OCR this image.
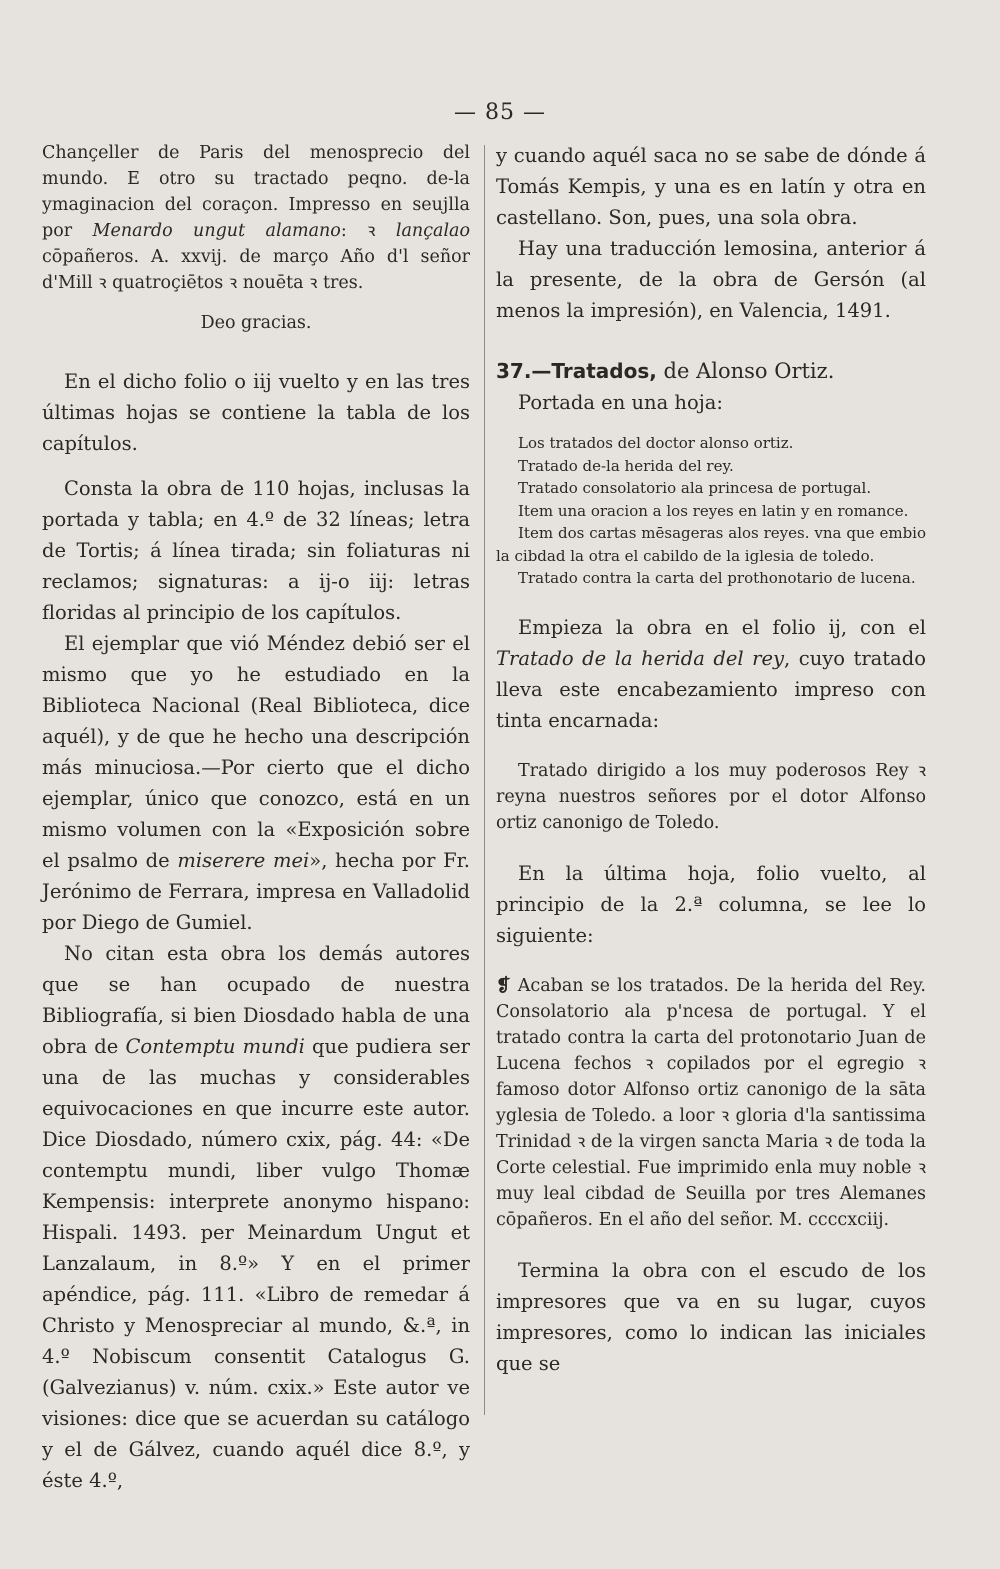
— 85 —

Chançeller de Paris del menosprecio del mundo. E otro su tractado peqno. de-la ymaginacion del coraçon. Impresso en seujlla por Menardo ungut alamano: ꝛ lançalao cōpañeros. A. xxvij. de março Año d'l señor d'Mill ꝛ quatroçiētos ꝛ nouēta ꝛ tres.

Deo gracias.

En el dicho folio o iij vuelto y en las tres últimas hojas se contiene la tabla de los capítulos.

Consta la obra de 110 hojas, inclusas la portada y tabla; en 4.º de 32 líneas; letra de Tortis; á línea tirada; sin foliaturas ni reclamos; signaturas: a ij-o iij: letras floridas al principio de los capítulos.

El ejemplar que vió Méndez debió ser el mismo que yo he estudiado en la Biblioteca Nacional (Real Biblioteca, dice aquél), y de que he hecho una descripción más minuciosa.—Por cierto que el dicho ejemplar, único que conozco, está en un mismo volumen con la «Exposición sobre el psalmo de miserere mei», hecha por Fr. Jerónimo de Ferrara, impresa en Valladolid por Diego de Gumiel.

No citan esta obra los demás autores que se han ocupado de nuestra Bibliografía, si bien Diosdado habla de una obra de Contemptu mundi que pudiera ser una de las muchas y considerables equivocaciones en que incurre este autor. Dice Diosdado, número cxix, pág. 44: «De contemptu mundi, liber vulgo Thomæ Kempensis: interprete anonymo hispano: Hispali. 1493. per Meinardum Ungut et Lanzalaum, in 8.º» Y en el primer apéndice, pág. 111. «Libro de remedar á Christo y Menospreciar al mundo, &.ª, in 4.º Nobiscum consentit Catalogus G. (Galvezianus) v. núm. cxix.» Este autor ve visiones: dice que se acuerdan su catálogo y el de Gálvez, cuando aquél dice 8.º, y éste 4.º,

y cuando aquél saca no se sabe de dónde á Tomás Kempis, y una es en latín y otra en castellano. Son, pues, una sola obra.

Hay una traducción lemosina, anterior á la presente, de la obra de Gersón (al menos la impresión), en Valencia, 1491.

37.—Tratados, de Alonso Ortiz.

Portada en una hoja:

Los tratados del doctor alonso ortiz.

Tratado de-la herida del rey.

Tratado consolatorio ala princesa de portugal.

Item una oracion a los reyes en latin y en romance.

Item dos cartas mēsageras alos reyes. vna que embio la cibdad la otra el cabildo de la iglesia de toledo.

Tratado contra la carta del prothonotario de lucena.

Empieza la obra en el folio ij, con el Tratado de la herida del rey, cuyo tratado lleva este encabezamiento impreso con tinta encarnada:

Tratado dirigido a los muy poderosos Rey ꝛ reyna nuestros señores por el dotor Alfonso ortiz canonigo de Toledo.

En la última hoja, folio vuelto, al principio de la 2.ª columna, se lee lo siguiente:

❡ Acaban se los tratados. De la herida del Rey. Consolatorio ala p'ncesa de portugal. Y el tratado contra la carta del protonotario Juan de Lucena fechos ꝛ copilados por el egregio ꝛ famoso dotor Alfonso ortiz canonigo de la sāta yglesia de Toledo. a loor ꝛ gloria d'la santissima Trinidad ꝛ de la virgen sancta Maria ꝛ de toda la Corte celestial. Fue imprimido enla muy noble ꝛ muy leal cibdad de Seuilla por tres Alemanes cōpañeros. En el año del señor. M. ccccxciij.

Termina la obra con el escudo de los impresores que va en su lugar, cuyos impresores, como lo indican las iniciales que se
